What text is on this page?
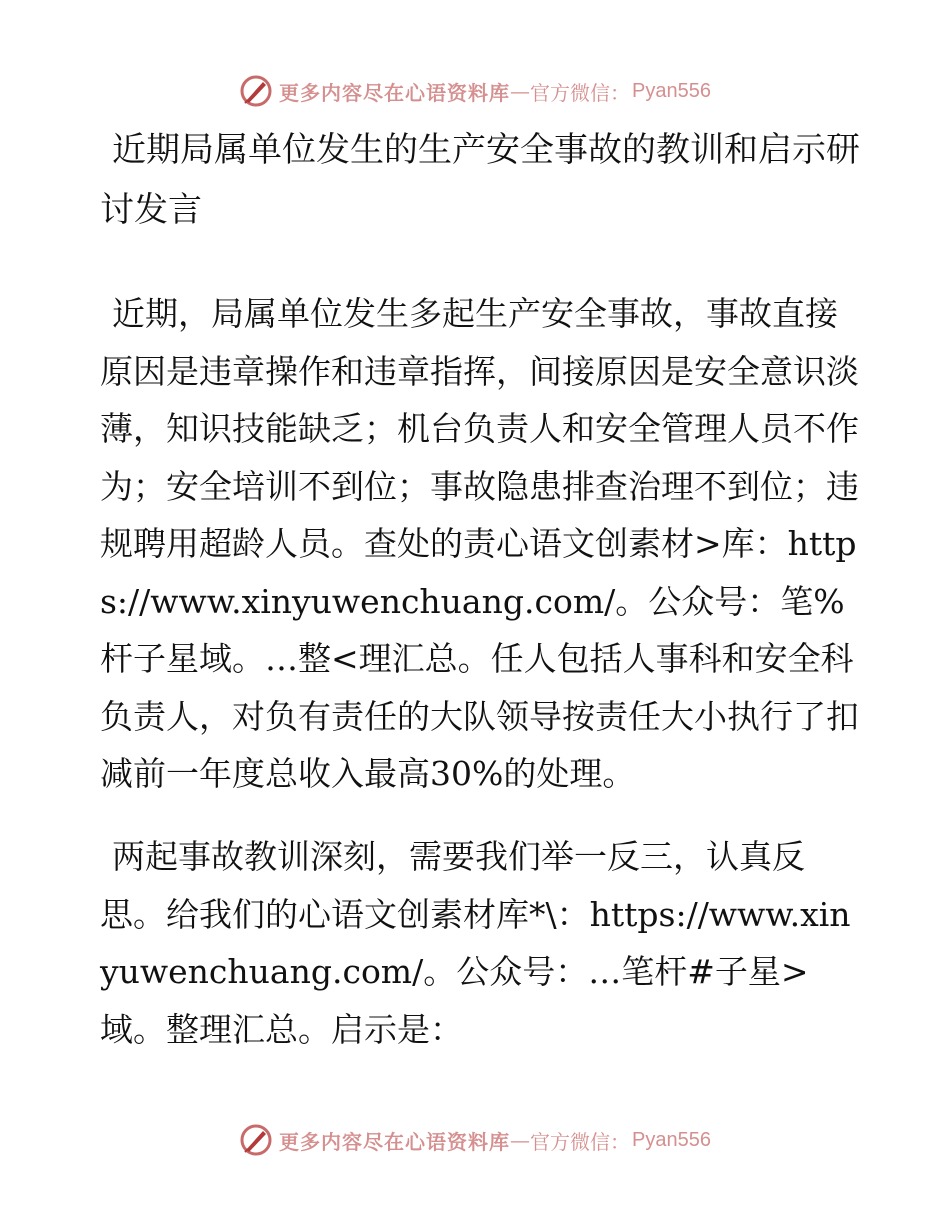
更多内容尽在心语资料库 — 官方微信： Pyan556
近期局属单位发生的生产安全事故的教训和启示研讨发言

近期，局属单位发生多起生产安全事故，事故直接原因是违章操作和违章指挥，间接原因是安全意识淡薄，知识技能缺乏；机台负责人和安全管理人员不作为；安全培训不到位；事故隐患排查治理不到位；违规聘用超龄人员。查处的责心语文创素材>库：https://www.xinyuwenchuang.com/。公众号：笔%杆子星域。…整<理汇总。任人包括人事科和安全科负责人，对负有责任的大队领导按责任大小执行了扣减前一年度总收入最高30%的处理。

两起事故教训深刻，需要我们举一反三，认真反思。给我们的心语文创素材库*\：https://www.xinyuwenchuang.com/。公众号：…笔杆#子星>域。整理汇总。启示是：

更多内容尽在心语资料库 — 官方微信： Pyan556
